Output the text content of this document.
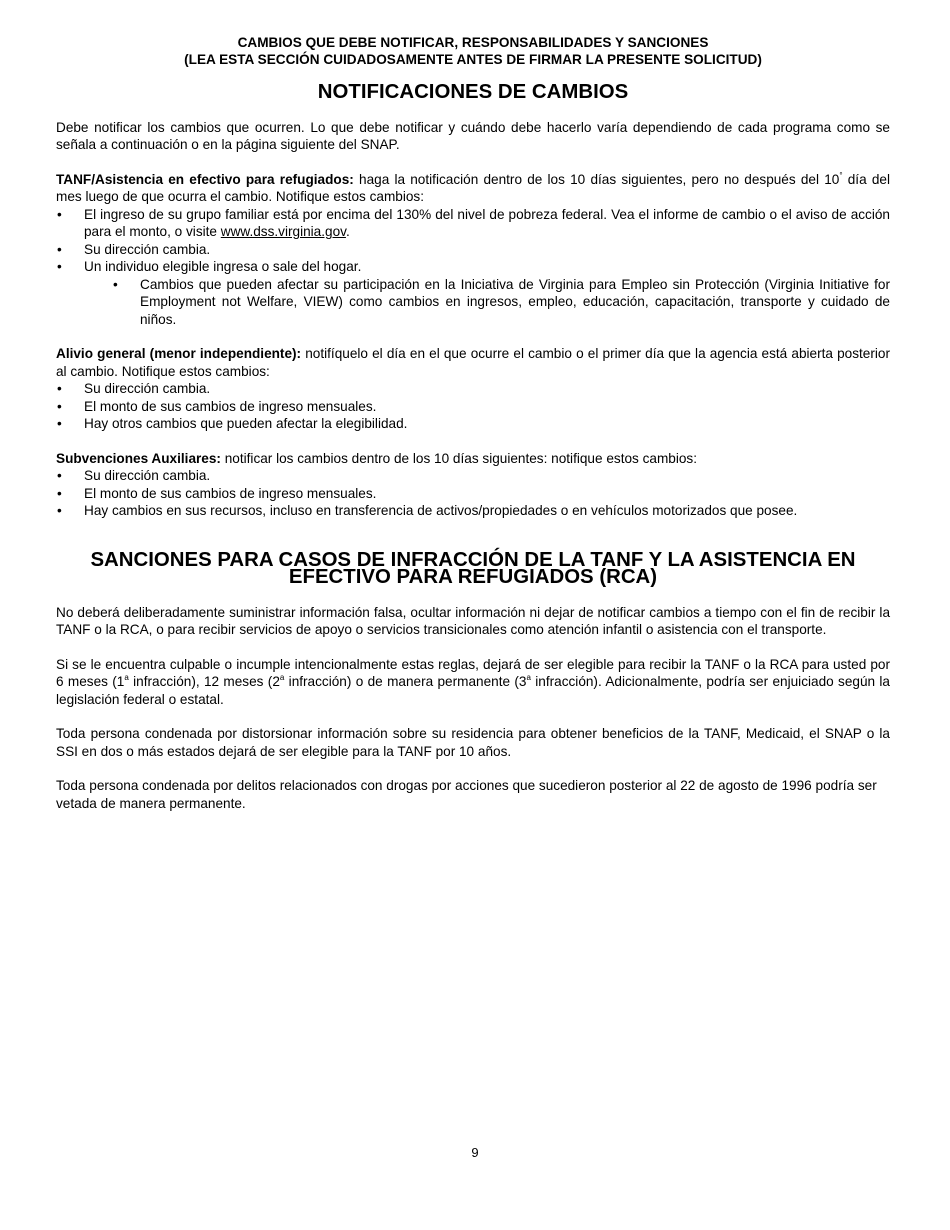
CAMBIOS QUE DEBE NOTIFICAR, RESPONSABILIDADES Y SANCIONES
(LEA ESTA SECCIÓN CUIDADOSAMENTE ANTES DE FIRMAR LA PRESENTE SOLICITUD)
NOTIFICACIONES DE CAMBIOS

Debe notificar los cambios que ocurren. Lo que debe notificar y cuándo debe hacerlo varía dependiendo de cada programa como se señala a continuación o en la página siguiente del SNAP.

TANF/Asistencia en efectivo para refugiados: haga la notificación dentro de los 10 días siguientes, pero no después del 10° día del mes luego de que ocurra el cambio. Notifique estos cambios:

• El ingreso de su grupo familiar está por encima del 130% del nivel de pobreza federal. Vea el informe de cambio o el aviso de acción para el monto, o visite www.dss.virginia.gov.
• Su dirección cambia.
• Un individuo elegible ingresa o sale del hogar.
• Cambios que pueden afectar su participación en la Iniciativa de Virginia para Empleo sin Protección (Virginia Initiative for Employment not Welfare, VIEW) como cambios en ingresos, empleo, educación, capacitación, transporte y cuidado de niños.

Alivio general (menor independiente): notifíquelo el día en el que ocurre el cambio o el primer día que la agencia está abierta posterior al cambio. Notifique estos cambios:

• Su dirección cambia.
• El monto de sus cambios de ingreso mensuales.
• Hay otros cambios que pueden afectar la elegibilidad.

Subvenciones Auxiliares: notificar los cambios dentro de los 10 días siguientes: notifique estos cambios:

• Su dirección cambia.
• El monto de sus cambios de ingreso mensuales.
• Hay cambios en sus recursos, incluso en transferencia de activos/propiedades o en vehículos motorizados que posee.
SANCIONES PARA CASOS DE INFRACCIÓN DE LA TANF Y LA ASISTENCIA EN EFECTIVO PARA REFUGIADOS (RCA)

No deberá deliberadamente suministrar información falsa, ocultar información ni dejar de notificar cambios a tiempo con el fin de recibir la TANF o la RCA, o para recibir servicios de apoyo o servicios transicionales como atención infantil o asistencia con el transporte.

Si se le encuentra culpable o incumple intencionalmente estas reglas, dejará de ser elegible para recibir la TANF o la RCA para usted por 6 meses (1$^a$ infracción), 12 meses (2$^a$ infracción) o de manera permanente (3$^a$ infracción). Adicionalmente, podría ser enjuiciado según la legislación federal o estatal.

Toda persona condenada por distorsionar información sobre su residencia para obtener beneficios de la TANF, Medicaid, el SNAP o la SSI en dos o más estados dejará de ser elegible para la TANF por 10 años.

Toda persona condenada por delitos relacionados con drogas por acciones que sucedieron posterior al 22 de agosto de 1996 podría ser vetada de manera permanente.

9
